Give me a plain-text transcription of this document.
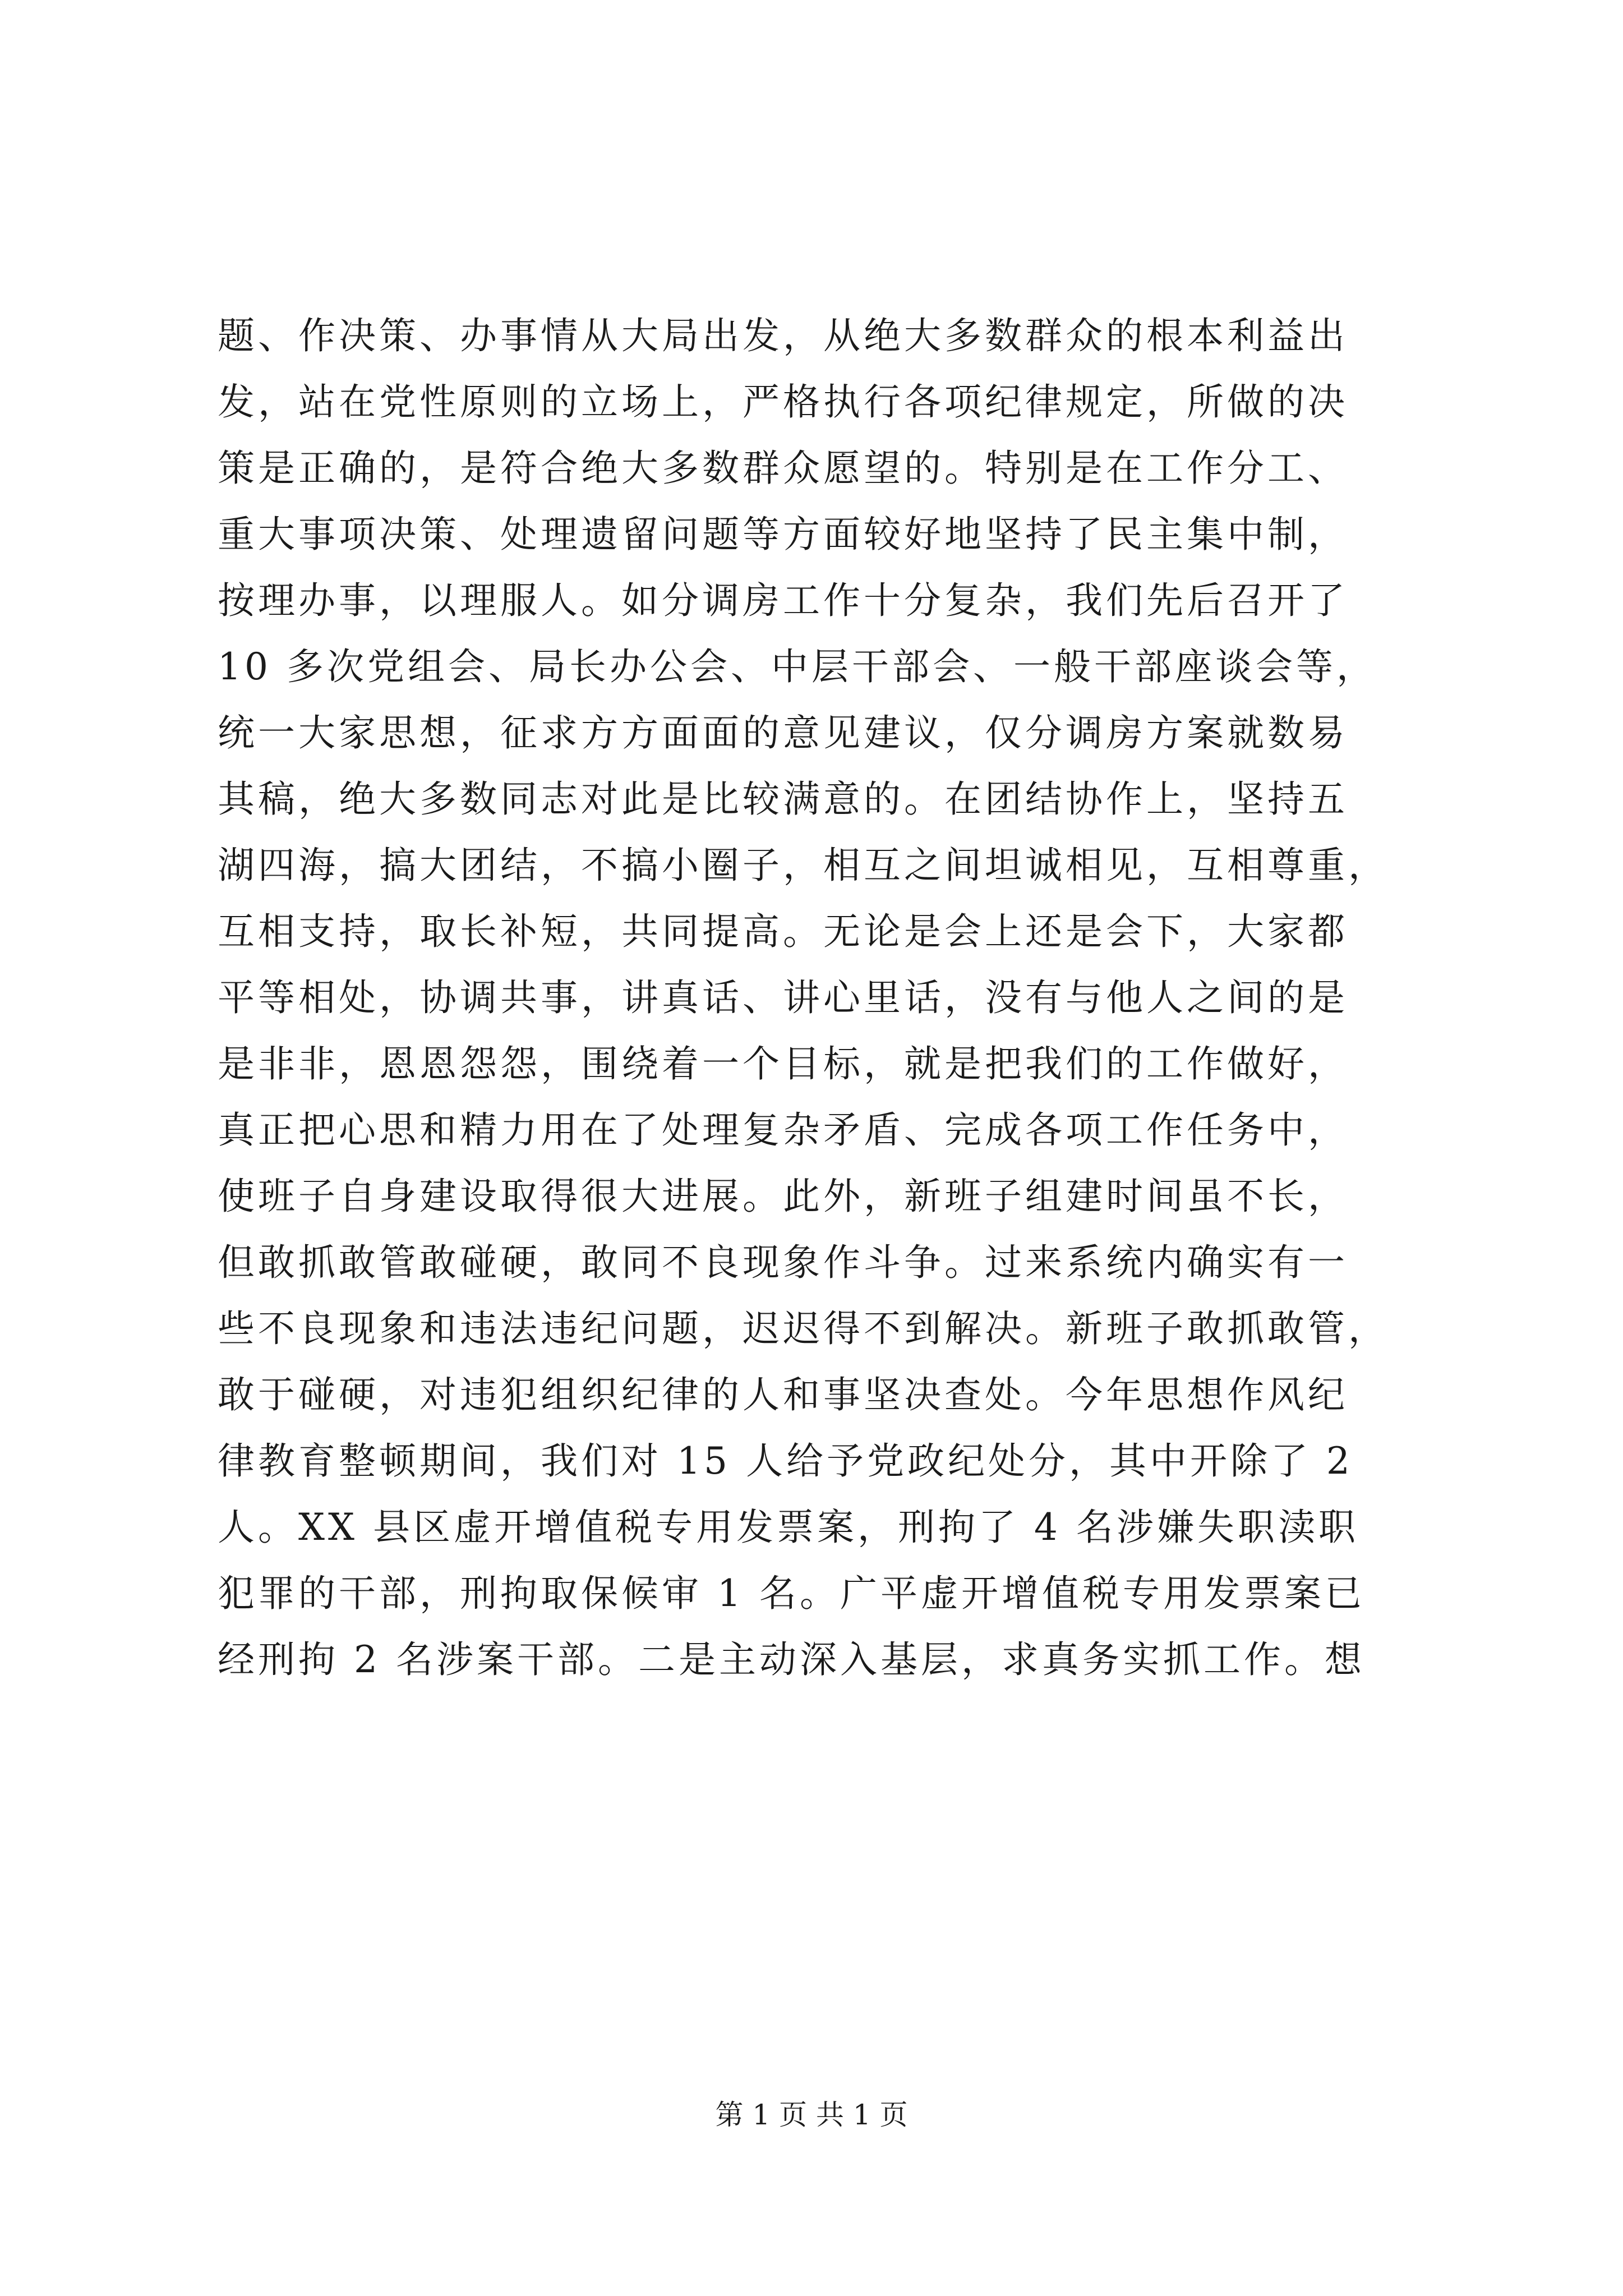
题、作决策、办事情从大局出发，从绝大多数群众的根本利益出
发，站在党性原则的立场上，严格执行各项纪律规定，所做的决
策是正确的，是符合绝大多数群众愿望的。特别是在工作分工、
重大事项决策、处理遗留问题等方面较好地坚持了民主集中制，
按理办事，以理服人。如分调房工作十分复杂，我们先后召开了
10 多次党组会、局长办公会、中层干部会、一般干部座谈会等，
统一大家思想，征求方方面面的意见建议，仅分调房方案就数易
其稿，绝大多数同志对此是比较满意的。在团结协作上，坚持五
湖四海，搞大团结，不搞小圈子，相互之间坦诚相见，互相尊重，
互相支持，取长补短，共同提高。无论是会上还是会下，大家都
平等相处，协调共事，讲真话、讲心里话，没有与他人之间的是
是非非，恩恩怨怨，围绕着一个目标，就是把我们的工作做好，
真正把心思和精力用在了处理复杂矛盾、完成各项工作任务中，
使班子自身建设取得很大进展。此外，新班子组建时间虽不长，
但敢抓敢管敢碰硬，敢同不良现象作斗争。过来系统内确实有一
些不良现象和违法违纪问题，迟迟得不到解决。新班子敢抓敢管，
敢于碰硬，对违犯组织纪律的人和事坚决查处。今年思想作风纪
律教育整顿期间，我们对 15 人给予党政纪处分，其中开除了 2
人。XX 县区虚开增值税专用发票案，刑拘了 4 名涉嫌失职渎职
犯罪的干部，刑拘取保候审 1 名。广平虚开增值税专用发票案已
经刑拘 2 名涉案干部。二是主动深入基层，求真务实抓工作。想
第 1 页 共 1 页
